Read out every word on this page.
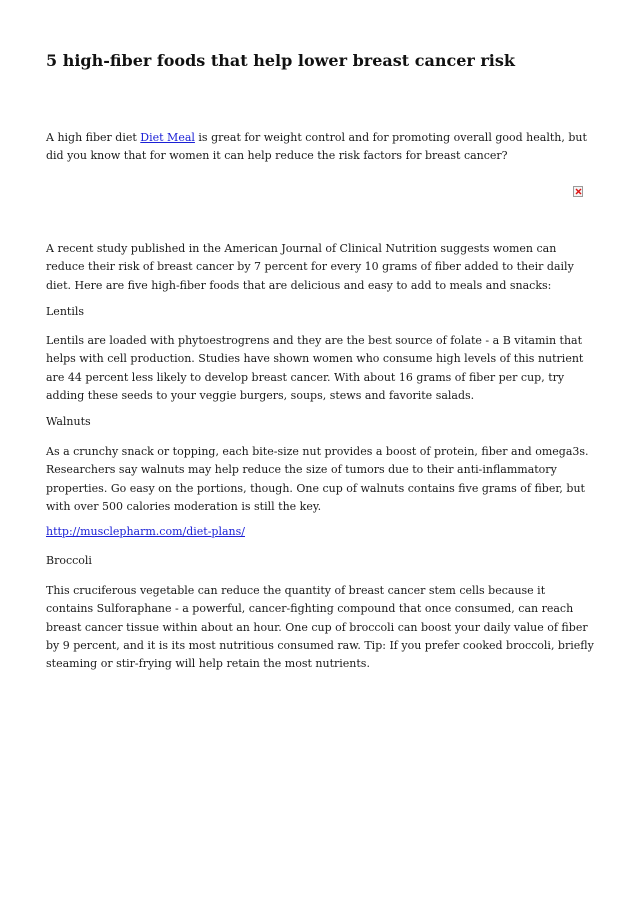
5 high-fiber foods that help lower breast cancer risk

A high fiber diet Diet Meal is great for weight control and for promoting overall good health, but did you know that for women it can help reduce the risk factors for breast cancer?

A recent study published in the American Journal of Clinical Nutrition suggests women can reduce their risk of breast cancer by 7 percent for every 10 grams of fiber added to their daily diet. Here are five high-fiber foods that are delicious and easy to add to meals and snacks:

Lentils

Lentils are loaded with phytoestrogrens and they are the best source of folate - a B vitamin that helps with cell production. Studies have shown women who consume high levels of this nutrient are 44 percent less likely to develop breast cancer. With about 16 grams of fiber per cup, try adding these seeds to your veggie burgers, soups, stews and favorite salads.

Walnuts

As a crunchy snack or topping, each bite-size nut provides a boost of protein, fiber and omega3s. Researchers say walnuts may help reduce the size of tumors due to their anti-inflammatory properties. Go easy on the portions, though. One cup of walnuts contains five grams of fiber, but with over 500 calories moderation is still the key.

http://musclepharm.com/diet-plans/

Broccoli

This cruciferous vegetable can reduce the quantity of breast cancer stem cells because it contains Sulforaphane - a powerful, cancer-fighting compound that once consumed, can reach breast cancer tissue within about an hour. One cup of broccoli can boost your daily value of fiber by 9 percent, and it is its most nutritious consumed raw. Tip: If you prefer cooked broccoli, briefly steaming or stir-frying will help retain the most nutrients.
